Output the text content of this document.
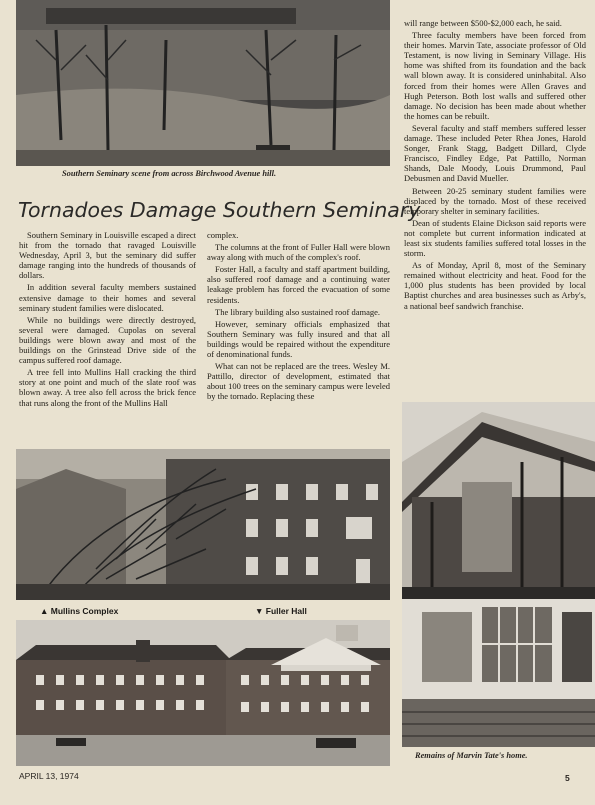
Southern Seminary scene from across Birchwood Avenue hill.
Tornadoes Damage Southern Seminary

Southern Seminary in Louisville escaped a direct hit from the tornado that ravaged Louisville Wednesday, April 3, but the seminary did suffer damage ranging into the hundreds of thousands of dollars.

In addition several faculty members sustained extensive damage to their homes and several seminary student families were dislocated.

While no buildings were directly destroyed, several were damaged. Cupolas on several buildings were blown away and most of the buildings on the Grinstead Drive side of the campus suffered roof damage.

A tree fell into Mullins Hall cracking the third story at one point and much of the slate roof was blown away. A tree also fell across the brick fence that runs along the front of the Mullins Hall

complex.

The columns at the front of Fuller Hall were blown away along with much of the complex's roof.

Foster Hall, a faculty and staff apartment building, also suffered roof damage and a continuing water leakage problem has forced the evacuation of some residents.

The library building also sustained roof damage.

However, seminary officials emphasized that Southern Seminary was fully insured and that all buildings would be repaired without the expenditure of denominational funds.

What can not be replaced are the trees. Wesley M. Pattillo, director of development, estimated that about 100 trees on the seminary campus were leveled by the tornado. Replacing these

will range between $500-$2,000 each, he said.

Three faculty members have been forced from their homes. Marvin Tate, associate professor of Old Testament, is now living in Seminary Village. His home was shifted from its foundation and the back wall blown away. It is considered uninhabital. Also forced from their homes were Allen Graves and Hugh Peterson. Both lost walls and suffered other damage. No decision has been made about whether the homes can be rebuilt.

Several faculty and staff members suffered lesser damage. These included Peter Rhea Jones, Harold Songer, Frank Stagg, Badgett Dillard, Clyde Francisco, Findley Edge, Pat Pattillo, Norman Shands, Dale Moody, Louis Drummond, Paul Debusmen and David Mueller.

Between 20-25 seminary student families were displaced by the tornado. Most of these received temporary shelter in seminary facilities.

Dean of students Elaine Dickson said reports were not complete but current information indicated at least six students families suffered total losses in the storm.

As of Monday, April 8, most of the Seminary remained without electricity and heat. Food for the 1,000 plus students has been provided by local Baptist churches and area businesses such as Arby's, a national beef sandwich franchise.

▲ Mullins Complex	▼ Fuller Hall
Remains of Marvin Tate's home.
APRIL 13, 1974	5
